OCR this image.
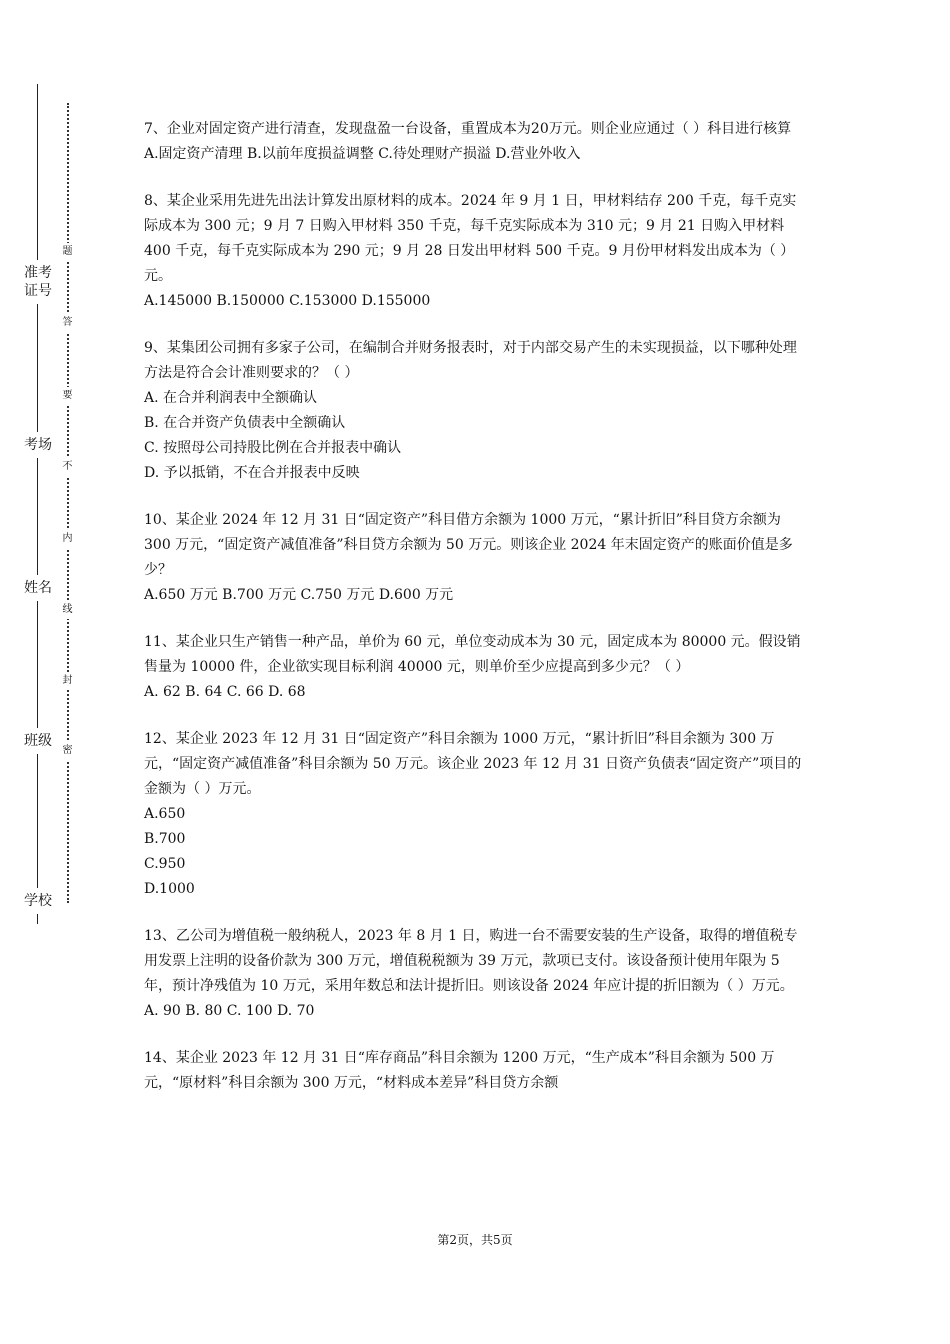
学校
班级
姓名
考场
准考证号
密
封
线
内
不
要
答
题

7、企业对固定资产进行清查，发现盘盈一台设备，重置成本为20万元。则企业应通过（ ）科目进行核算

A.固定资产清理 B.以前年度损益调整 C.待处理财产损溢 D.营业外收入

8、某企业采用先进先出法计算发出原材料的成本。2024 年 9 月 1 日，甲材料结存 200 千克，每千克实际成本为 300 元；9 月 7 日购入甲材料 350 千克，每千克实际成本为 310 元；9 月 21 日购入甲材料 400 千克，每千克实际成本为 290 元；9 月 28 日发出甲材料 500 千克。9 月份甲材料发出成本为（ ）元。

A.145000 B.150000 C.153000 D.155000

9、某集团公司拥有多家子公司，在编制合并财务报表时，对于内部交易产生的未实现损益，以下哪种处理方法是符合会计准则要求的？（ ）

A. 在合并利润表中全额确认

B. 在合并资产负债表中全额确认

C. 按照母公司持股比例在合并报表中确认

D. 予以抵销，不在合并报表中反映

10、某企业 2024 年 12 月 31 日“固定资产”科目借方余额为 1000 万元，“累计折旧”科目贷方余额为 300 万元，“固定资产减值准备”科目贷方余额为 50 万元。则该企业 2024 年末固定资产的账面价值是多少？

A.650 万元 B.700 万元 C.750 万元 D.600 万元

11、某企业只生产销售一种产品，单价为 60 元，单位变动成本为 30 元，固定成本为 80000 元。假设销售量为 10000 件，企业欲实现目标利润 40000 元，则单价至少应提高到多少元？（ ）

A. 62 B. 64 C. 66 D. 68

12、某企业 2023 年 12 月 31 日“固定资产”科目余额为 1000 万元，“累计折旧”科目余额为 300 万元，“固定资产减值准备”科目余额为 50 万元。该企业 2023 年 12 月 31 日资产负债表“固定资产”项目的金额为（ ）万元。

A.650

B.700

C.950

D.1000

13、乙公司为增值税一般纳税人，2023 年 8 月 1 日，购进一台不需要安装的生产设备，取得的增值税专用发票上注明的设备价款为 300 万元，增值税税额为 39 万元，款项已支付。该设备预计使用年限为 5 年，预计净残值为 10 万元，采用年数总和法计提折旧。则该设备 2024 年应计提的折旧额为（ ）万元。

A. 90 B. 80 C. 100 D. 70

14、某企业 2023 年 12 月 31 日“库存商品”科目余额为 1200 万元，“生产成本”科目余额为 500 万元，“原材料”科目余额为 300 万元，“材料成本差异”科目贷方余额

第2页，共5页
